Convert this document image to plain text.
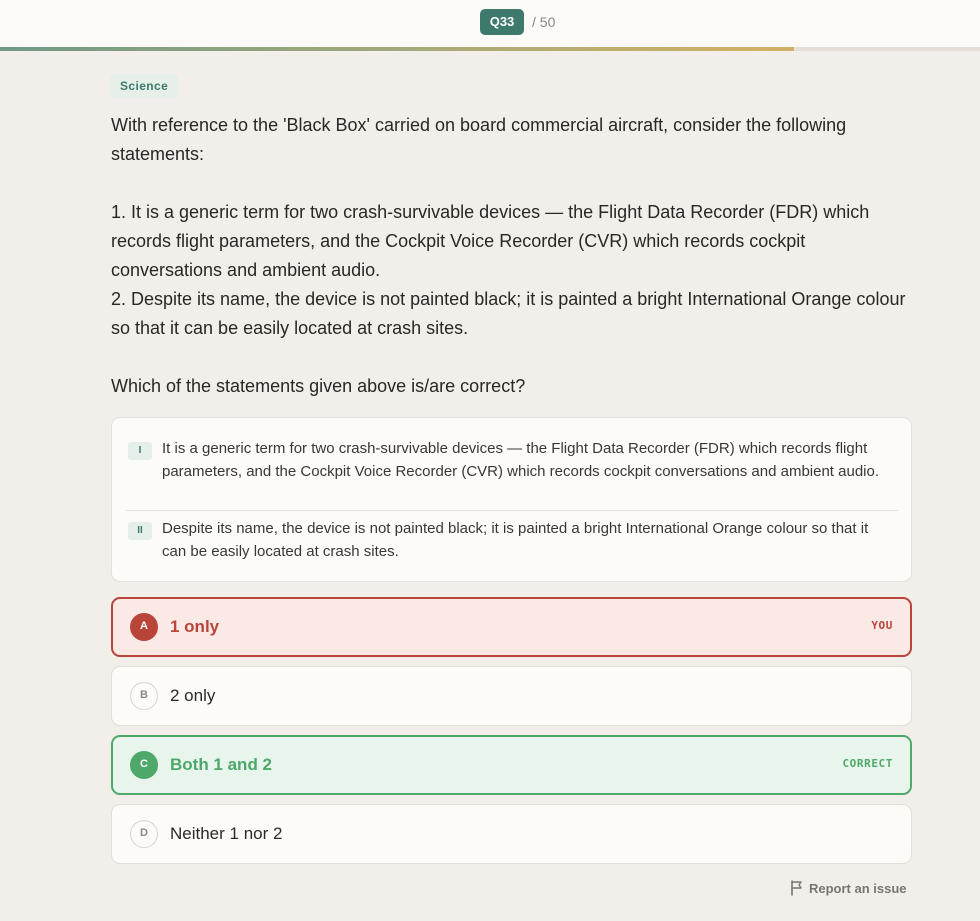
Q33	/ 50
Science

With reference to the 'Black Box' carried on board commercial aircraft, consider the following statements:

1. It is a generic term for two crash-survivable devices — the Flight Data Recorder (FDR) which records flight parameters, and the Cockpit Voice Recorder (CVR) which records cockpit conversations and ambient audio.

2. Despite its name, the device is not painted black; it is painted a bright International Orange colour so that it can be easily located at crash sites.

Which of the statements given above is/are correct?

I	It is a generic term for two crash-survivable devices — the Flight Data Recorder (FDR) which records flight parameters, and the Cockpit Voice Recorder (CVR) which records cockpit conversations and ambient audio.
II	Despite its name, the device is not painted black; it is painted a bright International Orange colour so that it can be easily located at crash sites.
A	1 only	YOU
B	2 only
C	Both 1 and 2	CORRECT
D	Neither 1 nor 2
Report an issue
